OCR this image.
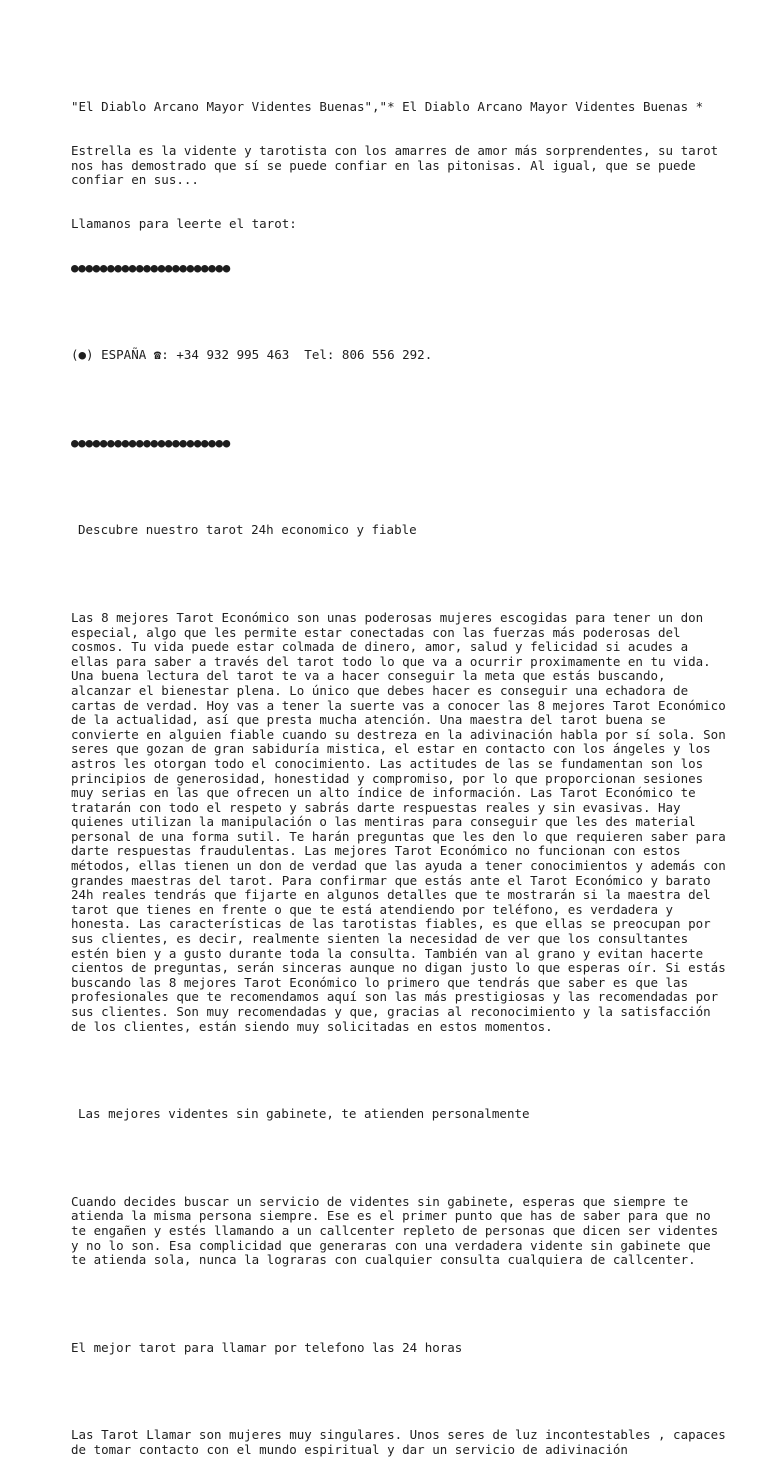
"El Diablo Arcano Mayor Videntes Buenas","* El Diablo Arcano Mayor Videntes Buenas *

Estrella es la vidente y tarotista con los amarres de amor más sorprendentes, su tarot nos has demostrado que sí se puede confiar en las pitonisas. Al igual, que se puede confiar en sus...

Llamanos para leerte el tarot:

●●●●●●●●●●●●●●●●●●●●●●

(●) ESPAÑA ☎: +34 932 995 463  Tel: 806 556 292.

●●●●●●●●●●●●●●●●●●●●●●

Descubre nuestro tarot 24h economico y fiable

Las 8 mejores Tarot Económico son unas poderosas mujeres escogidas para tener un don especial, algo que les permite estar conectadas con las fuerzas más poderosas del cosmos. Tu vida puede estar colmada de dinero, amor, salud y felicidad si acudes a ellas para saber a través del tarot todo lo que va a ocurrir proximamente en tu vida. Una buena lectura del tarot te va a hacer conseguir la meta que estás buscando, alcanzar el bienestar plena. Lo único que debes hacer es conseguir una echadora de cartas de verdad. Hoy vas a tener la suerte vas a conocer las 8 mejores Tarot Económico de la actualidad, así que presta mucha atención. Una maestra del tarot buena se convierte en alguien fiable cuando su destreza en la adivinación habla por sí sola. Son seres que gozan de gran sabiduría mistica, el estar en contacto con los ángeles y los astros les otorgan todo el conocimiento. Las actitudes de las se fundamentan son los principios de generosidad, honestidad y compromiso, por lo que proporcionan sesiones muy serias en las que ofrecen un alto índice de información. Las Tarot Económico te tratarán con todo el respeto y sabrás darte respuestas reales y sin evasivas. Hay quienes utilizan la manipulación o las mentiras para conseguir que les des material personal de una forma sutil. Te harán preguntas que les den lo que requieren saber para darte respuestas fraudulentas. Las mejores Tarot Económico no funcionan con estos métodos, ellas tienen un don de verdad que las ayuda a tener conocimientos y además con grandes maestras del tarot. Para confirmar que estás ante el Tarot Económico y barato 24h reales tendrás que fijarte en algunos detalles que te mostrarán si la maestra del tarot que tienes en frente o que te está atendiendo por teléfono, es verdadera y honesta. Las características de las tarotistas fiables, es que ellas se preocupan por sus clientes, es decir, realmente sienten la necesidad de ver que los consultantes estén bien y a gusto durante toda la consulta. También van al grano y evitan hacerte cientos de preguntas, serán sinceras aunque no digan justo lo que esperas oír. Si estás buscando las 8 mejores Tarot Económico lo primero que tendrás que saber es que las profesionales que te recomendamos aquí son las más prestigiosas y las recomendadas por sus clientes. Son muy recomendadas y que, gracias al reconocimiento y la satisfacción de los clientes, están siendo muy solicitadas en estos momentos.

Las mejores videntes sin gabinete, te atienden personalmente

Cuando decides buscar un servicio de videntes sin gabinete, esperas que siempre te atienda la misma persona siempre. Ese es el primer punto que has de saber para que no te engañen y estés llamando a un callcenter repleto de personas que dicen ser videntes y no lo son. Esa complicidad que generaras con una verdadera vidente sin gabinete que te atienda sola, nunca la lograras con cualquier consulta cualquiera de callcenter.

El mejor tarot para llamar por telefono las 24 horas

Las Tarot Llamar son mujeres muy singulares. Unos seres de luz incontestables , capaces de tomar contacto con el mundo espiritual y dar un servicio de adivinación
